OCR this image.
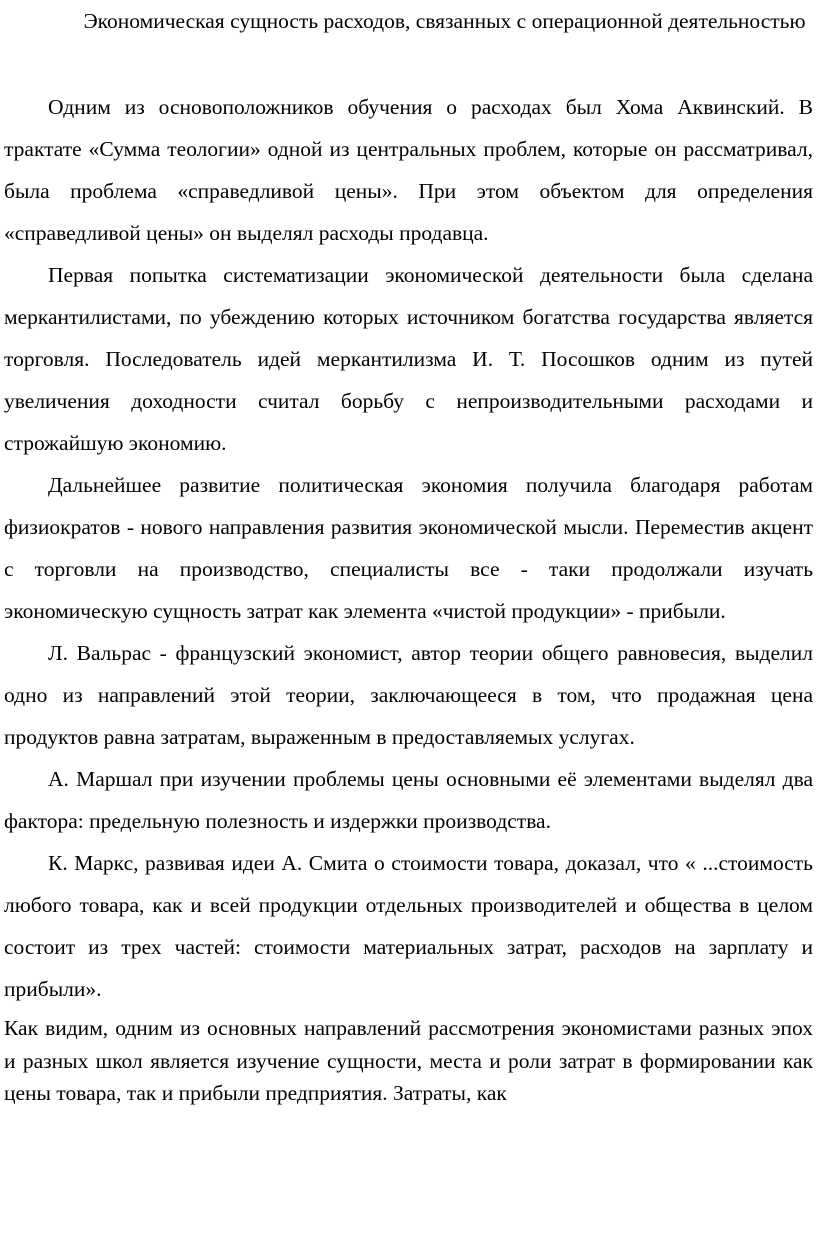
Экономическая сущность расходов, связанных с операционной деятельностью

Одним из основоположников обучения о расходах был Хома Аквинский. В трактате «Сумма теологии» одной из центральных проблем, которые он рассматривал, была проблема «справедливой цены». При этом объектом для определения «справедливой цены» он выделял расходы продавца.

Первая попытка систематизации экономической деятельности была сделана меркантилистами, по убеждению которых источником богатства государства является торговля. Последователь идей меркантилизма И. Т. Посошков одним из путей увеличения доходности считал борьбу с непроизводительными расходами и строжайшую экономию.

Дальнейшее развитие политическая экономия получила благодаря работам физиократов - нового направления развития экономической мысли. Переместив акцент с торговли на производство, специалисты все - таки продолжали изучать экономическую сущность затрат как элемента «чистой продукции» - прибыли.

Л. Вальрас - французский экономист, автор теории общего равновесия, выделил одно из направлений этой теории, заключающееся в том, что продажная цена продуктов равна затратам, выраженным в предоставляемых услугах.

А. Маршал при изучении проблемы цены основными её элементами выделял два фактора: предельную полезность и издержки производства.

К. Маркс, развивая идеи А. Смита о стоимости товара, доказал, что « ...стоимость любого товара, как и всей продукции отдельных производителей и общества в целом состоит из трех частей: стоимости материальных затрат, расходов на зарплату и прибыли».

Как видим, одним из основных направлений рассмотрения экономистами разных эпох и разных школ является изучение сущности, места и роли затрат в формировании как цены товара, так и прибыли предприятия. Затраты, как
